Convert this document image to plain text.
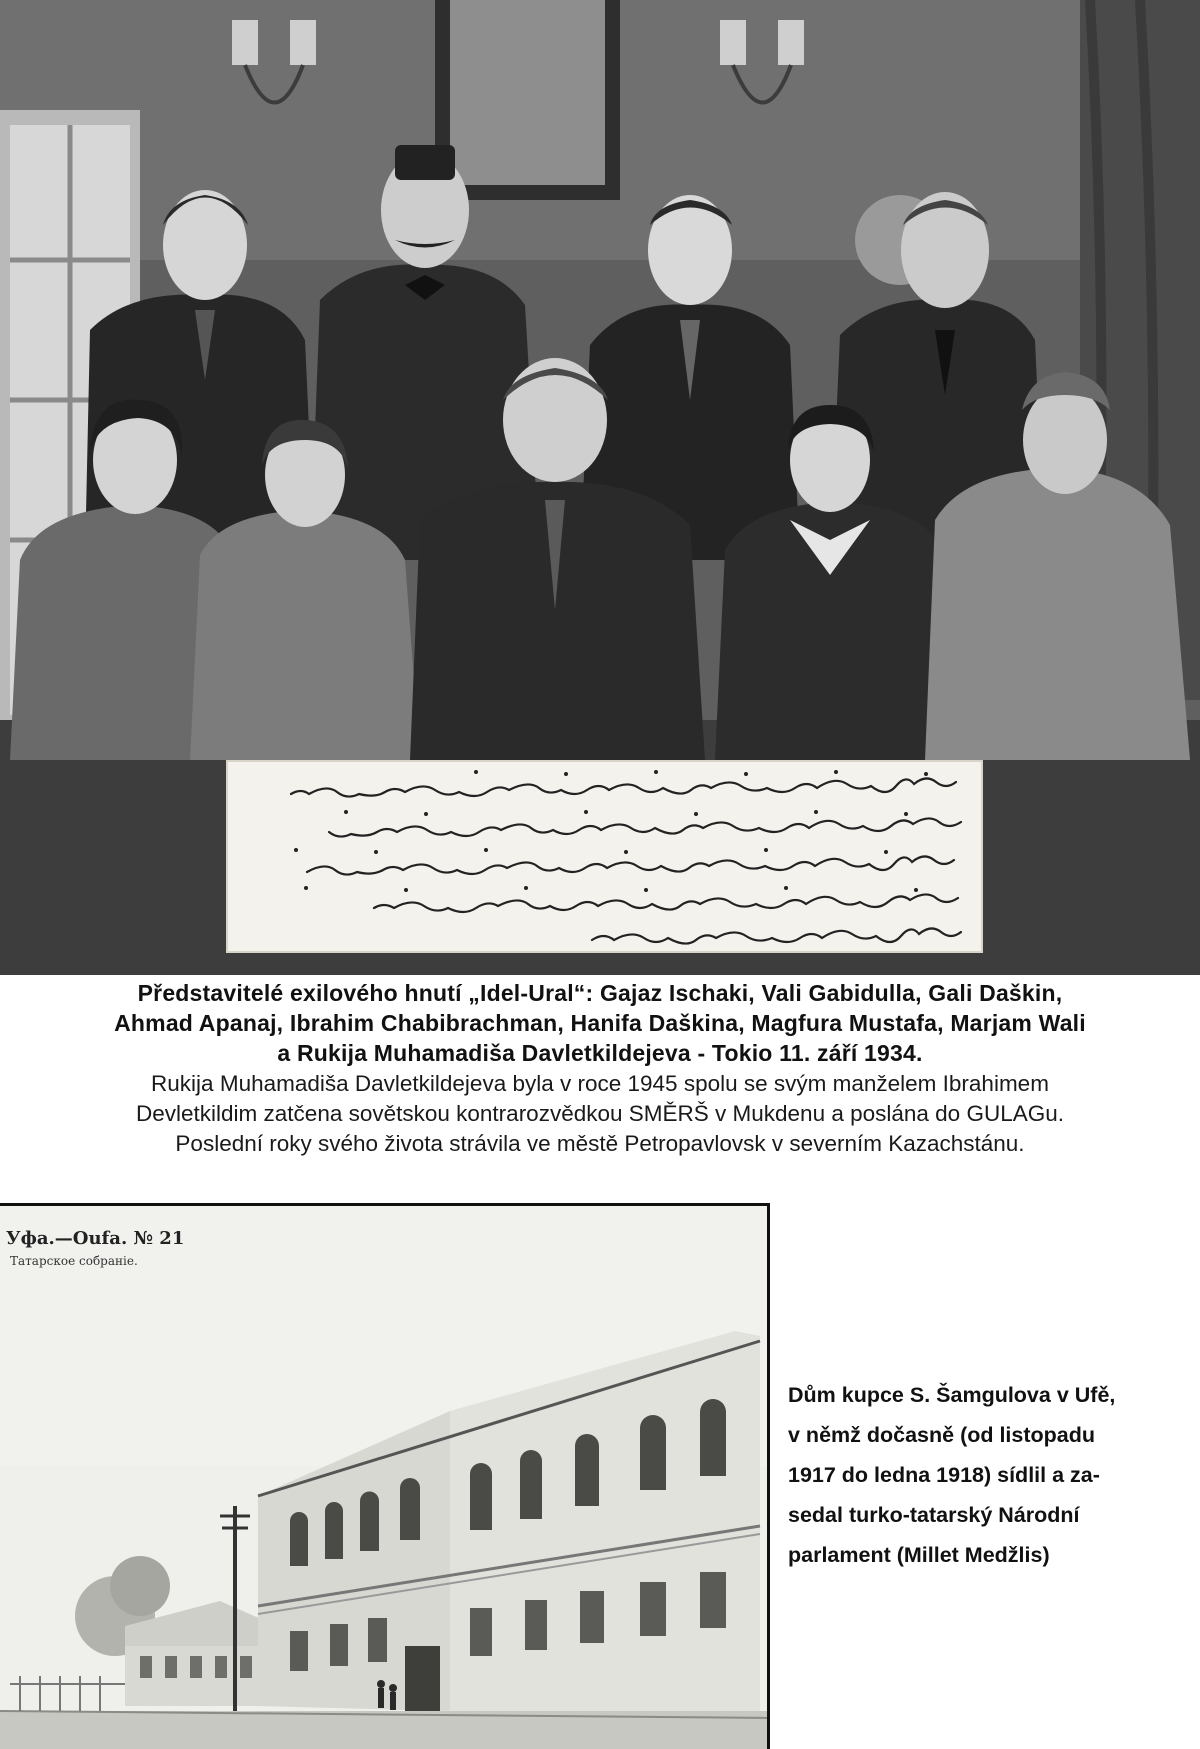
Představitelé exilového hnutí „Idel-Ural“: Gajaz Ischaki, Vali Gabidulla, Gali Daškin,
Ahmad Apanaj, Ibrahim Chabibrachman, Hanifa Daškina, Magfura Mustafa, Marjam Wali
a Rukija Muhamadiša Davletkildejeva - Tokio 11. září 1934.
Rukija Muhamadiša Davletkildejeva byla v roce 1945 spolu se svým manželem Ibrahimem
Devletkildim zatčena sovětskou kontrarozvědkou SMĚRŠ v Mukdenu a poslána do GULAGu.
Poslední roky svého života strávila ve městě Petropavlovsk v severním Kazachstánu.
Уфа.—Oufa. № 21
Татарское собраніе.
Dům kupce S. Šamgulova v Ufě,
v němž dočasně (od listopadu
1917 do ledna 1918) sídlil a za-
sedal turko-tatarský Národní
parlament (Millet Medžlis)
